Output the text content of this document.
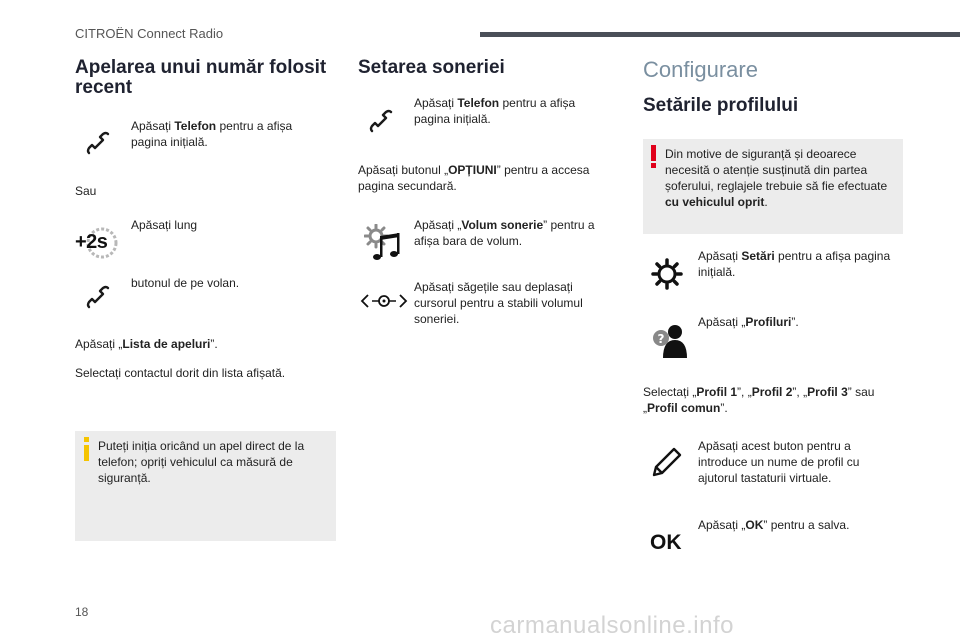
CITROËN Connect Radio
Apelarea unui număr folosit recent

Apăsați Telefon pentru a afișa pagina inițială.

Sau

Apăsați lung

+2s

butonul de pe volan.

Apăsați „Lista de apeluri”.

Selectați contactul dorit din lista afișată.

Puteți iniția oricând un apel direct de la telefon; opriți vehiculul ca măsură de siguranță.

Setarea soneriei

Apăsați Telefon pentru a afișa pagina inițială.

Apăsați butonul „OPȚIUNI” pentru a accesa pagina secundară.

Apăsați „Volum sonerie” pentru a afișa bara de volum.

Apăsați săgețile sau deplasați cursorul pentru a stabili volumul soneriei.

Configurare
Setările profilului

Din motive de siguranță și deoarece necesită o atenție susținută din partea șoferului, reglajele trebuie să fie efectuate cu vehiculul oprit.

Apăsați Setări pentru a afișa pagina inițială.

?

Apăsați „Profiluri”.

Selectați „Profil 1”, „Profil 2”, „Profil 3” sau „Profil comun”.

Apăsați acest buton pentru a introduce un nume de profil cu ajutorul tastaturii virtuale.

OK

Apăsați „OK” pentru a salva.

18	carmanualsonline.info
